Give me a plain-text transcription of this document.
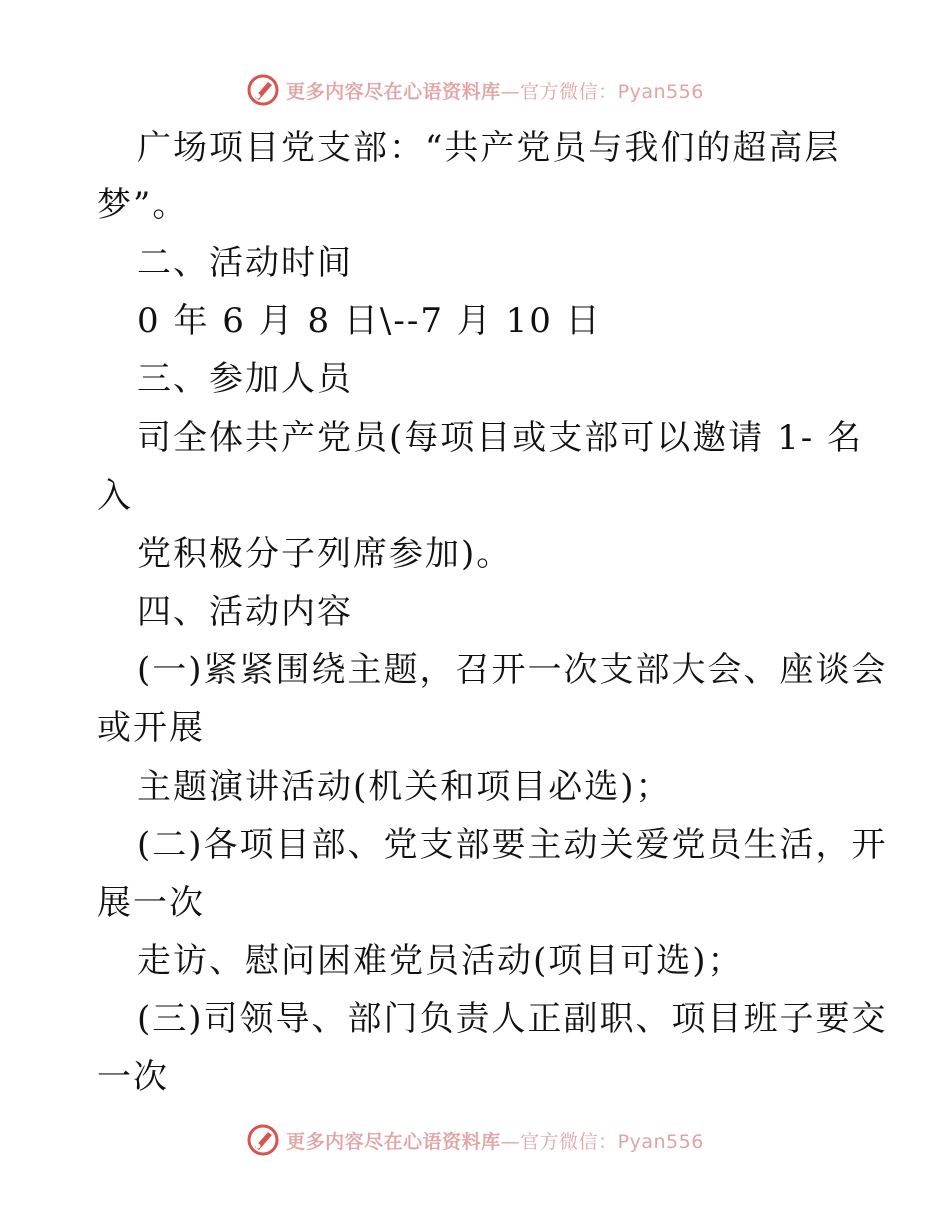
更多内容尽在心语资料库—官方微信：Pyan556
广场项目党支部：“共产党员与我们的超高层
梦”。
二、活动时间
0 年 6 月 8 日\--7 月 10 日
三、参加人员
司全体共产党员(每项目或支部可以邀请 1- 名
入
党积极分子列席参加)。
四、活动内容
(一)紧紧围绕主题，召开一次支部大会、座谈会
或开展
主题演讲活动(机关和项目必选)；
(二)各项目部、党支部要主动关爱党员生活，开
展一次
走访、慰问困难党员活动(项目可选)；
(三)司领导、部门负责人正副职、项目班子要交
一次
更多内容尽在心语资料库—官方微信：Pyan556
